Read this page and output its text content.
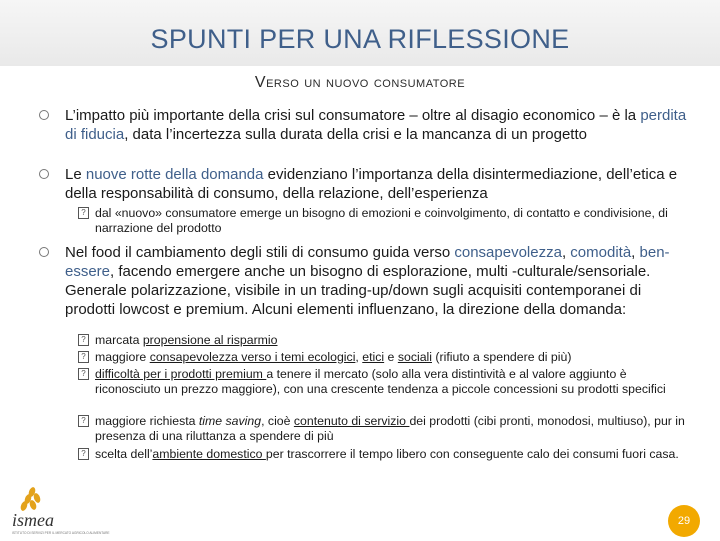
SPUNTI PER UNA RIFLESSIONE
Verso un nuovo consumatore
L’impatto più importante della crisi sul consumatore – oltre al disagio economico – è la perdita di fiducia, data l’incertezza sulla durata della crisi e la mancanza di un progetto
Le nuove rotte della domanda evidenziano l’importanza della disintermediazione, dell’etica e della responsabilità di consumo, della relazione, dell’esperienza
? dal «nuovo» consumatore emerge un bisogno di emozioni e coinvolgimento, di contatto e condivisione, di narrazione del prodotto
Nel food il cambiamento degli stili di consumo guida verso consapevolezza, comodità, ben-essere, facendo emergere anche un bisogno di esplorazione, multi -culturale/sensoriale. Generale polarizzazione, visibile in un trading-up/down sugli acquisiti contemporanei di prodotti lowcost e premium. Alcuni elementi influenzano, la direzione della domanda:
? marcata propensione al risparmio
? maggiore consapevolezza verso i temi ecologici, etici e sociali (rifiuto a spendere di più)
? difficoltà per i prodotti premium a tenere il mercato (solo alla vera distintività e al valore aggiunto è riconosciuto un prezzo maggiore), con una crescente tendenza a piccole concessioni su prodotti specifici
? maggiore richiesta time saving, cioè contenuto di servizio dei prodotti (cibi pronti, monodosi, multiuso), pur in presenza di una riluttanza a spendere di più
? scelta dell’ambiente domestico per trascorrere il tempo libero con conseguente calo dei consumi fuori casa.
ismea
ISTITUTO DI SERVIZI PER IL MERCATO AGRICOLO ALIMENTARE
29
